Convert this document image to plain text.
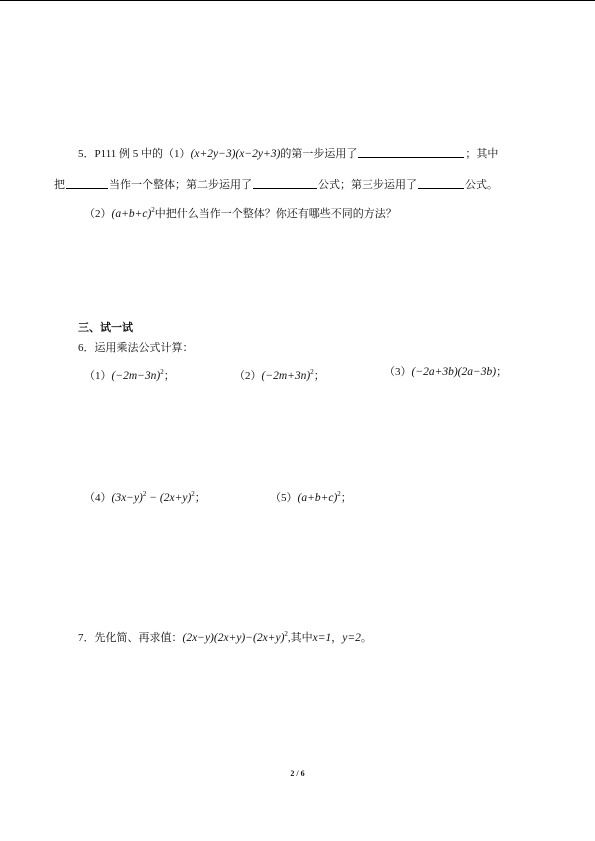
5．P111 例 5 中的（1）(x+2y−3)(x−2y+3)的第一步运用了	；其中
把	当作一个整体；第二步运用了	公式；第三步运用了	公式。
$(2)(a+b+c)^2$中把什么当作一个整体？你还有哪些不同的方法？
三、试一试
6．运用乘法公式计算：
$(1)(-2m-3n)^2$；	$(2)(-2m+3n)^2$；	（3）(−2a+3b)(2a−3b)；
$(4)(3x-y)^2 - (2x+y)^2$；	$(5)(a+b+c)^2$；
7．先化简、再求值：$(2x-y)(2x+y)-(2x+y)^2$,其中x=1，y=2。
2 / 6
